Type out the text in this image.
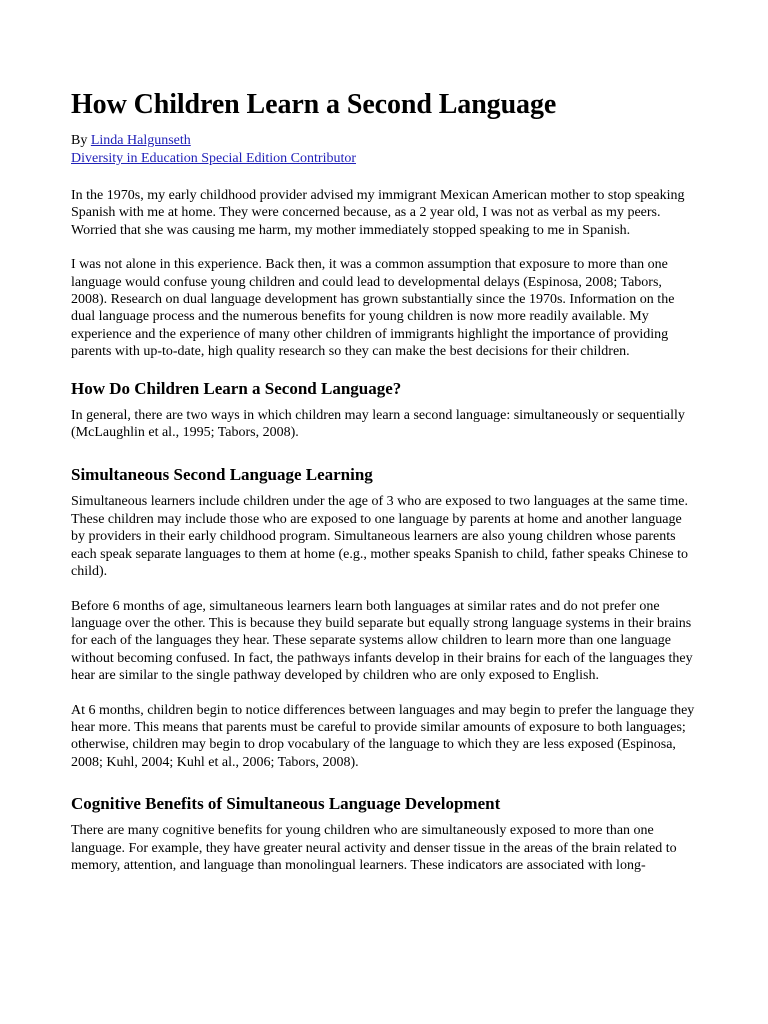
How Children Learn a Second Language
By Linda Halgunseth
Diversity in Education Special Edition Contributor

In the 1970s, my early childhood provider advised my immigrant Mexican American mother to stop speaking Spanish with me at home. They were concerned because, as a 2 year old, I was not as verbal as my peers. Worried that she was causing me harm, my mother immediately stopped speaking to me in Spanish.

I was not alone in this experience. Back then, it was a common assumption that exposure to more than one language would confuse young children and could lead to developmental delays (Espinosa, 2008; Tabors, 2008). Research on dual language development has grown substantially since the 1970s. Information on the dual language process and the numerous benefits for young children is now more readily available. My experience and the experience of many other children of immigrants highlight the importance of providing parents with up-to-date, high quality research so they can make the best decisions for their children.

How Do Children Learn a Second Language?

In general, there are two ways in which children may learn a second language: simultaneously or sequentially (McLaughlin et al., 1995; Tabors, 2008).

Simultaneous Second Language Learning

Simultaneous learners include children under the age of 3 who are exposed to two languages at the same time. These children may include those who are exposed to one language by parents at home and another language by providers in their early childhood program. Simultaneous learners are also young children whose parents each speak separate languages to them at home (e.g., mother speaks Spanish to child, father speaks Chinese to child).

Before 6 months of age, simultaneous learners learn both languages at similar rates and do not prefer one language over the other. This is because they build separate but equally strong language systems in their brains for each of the languages they hear. These separate systems allow children to learn more than one language without becoming confused. In fact, the pathways infants develop in their brains for each of the languages they hear are similar to the single pathway developed by children who are only exposed to English.

At 6 months, children begin to notice differences between languages and may begin to prefer the language they hear more. This means that parents must be careful to provide similar amounts of exposure to both languages; otherwise, children may begin to drop vocabulary of the language to which they are less exposed (Espinosa, 2008; Kuhl, 2004; Kuhl et al., 2006; Tabors, 2008).

Cognitive Benefits of Simultaneous Language Development

There are many cognitive benefits for young children who are simultaneously exposed to more than one language. For example, they have greater neural activity and denser tissue in the areas of the brain related to memory, attention, and language than monolingual learners. These indicators are associated with long-
